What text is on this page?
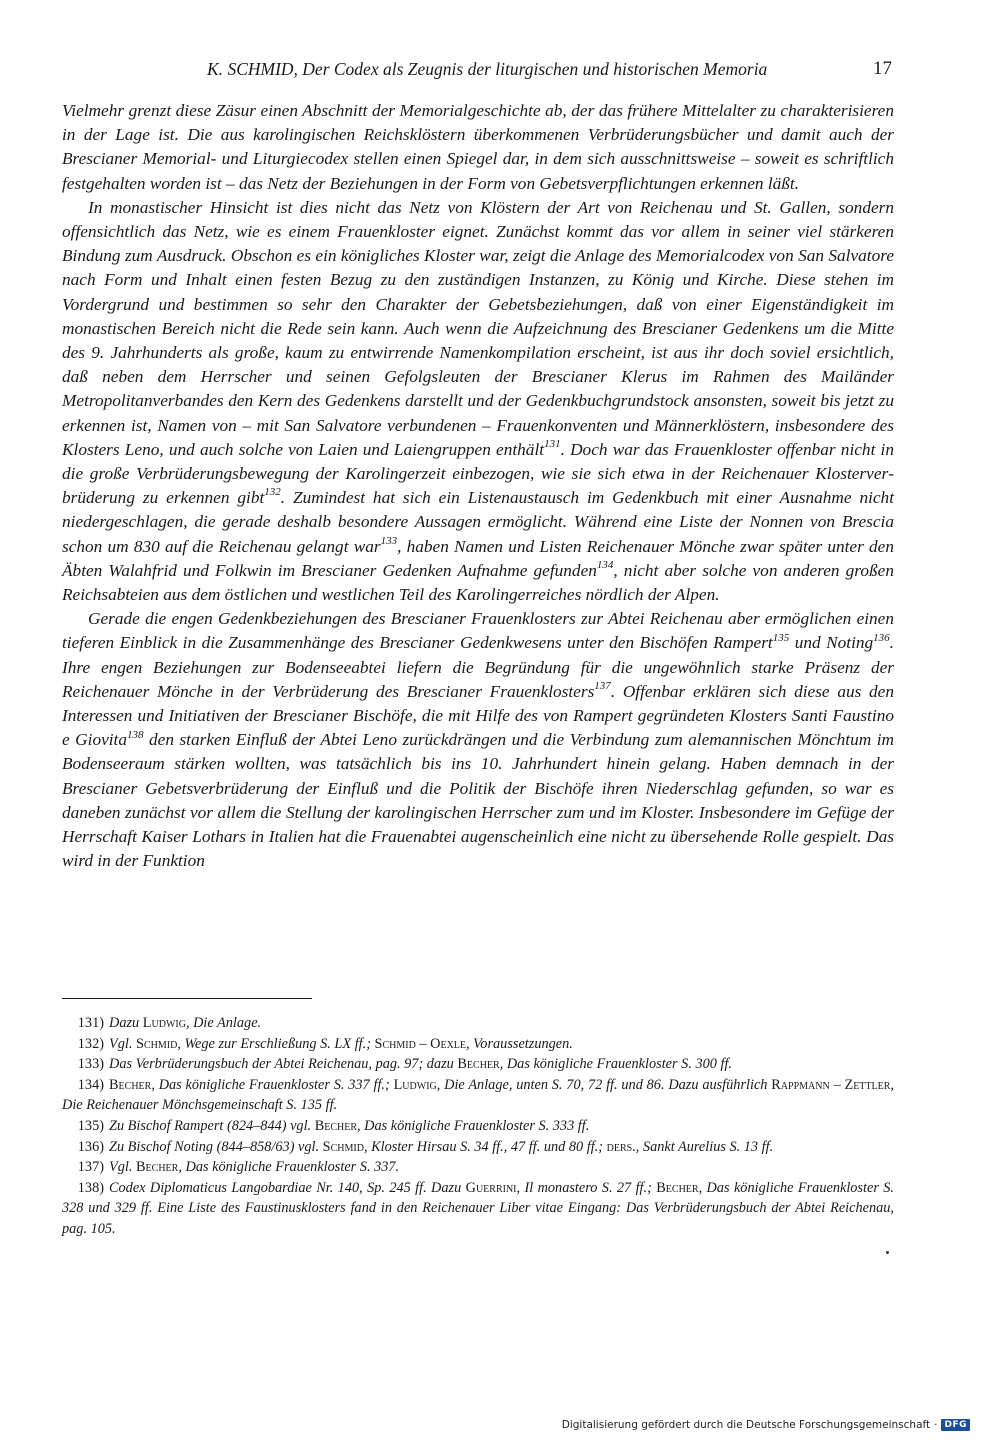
K. SCHMID, Der Codex als Zeugnis der liturgischen und historischen Memoria	17

Vielmehr grenzt diese Zäsur einen Abschnitt der Memorialgeschichte ab, der das frühere Mittelalter zu charakterisieren in der Lage ist. Die aus karolingischen Reichsklöstern überkommenen Verbrüderungsbücher und damit auch der Brescianer Memorial- und Liturgiecodex stellen einen Spiegel dar, in dem sich ausschnittsweise – soweit es schriftlich festgehalten worden ist – das Netz der Beziehungen in der Form von Gebetsverpflichtungen erkennen läßt.

In monastischer Hinsicht ist dies nicht das Netz von Klöstern der Art von Reichenau und St. Gallen, sondern offensichtlich das Netz, wie es einem Frauenkloster eignet. Zunächst kommt das vor allem in seiner viel stärkeren Bindung zum Ausdruck. Obschon es ein königliches Kloster war, zeigt die Anlage des Memorialcodex von San Salvatore nach Form und Inhalt einen festen Bezug zu den zuständigen Instanzen, zu König und Kirche. Diese stehen im Vordergrund und bestimmen so sehr den Charakter der Gebetsbeziehungen, daß von einer Eigenständigkeit im monastischen Bereich nicht die Rede sein kann. Auch wenn die Aufzeichnung des Brescianer Gedenkens um die Mitte des 9. Jahrhunderts als große, kaum zu entwirrende Namenkompilation erscheint, ist aus ihr doch soviel ersichtlich, daß neben dem Herrscher und seinen Gefolgsleuten der Brescianer Klerus im Rahmen des Mailänder Metropolitanverbandes den Kern des Gedenkens darstellt und der Gedenkbuchgrundstock ansonsten, soweit bis jetzt zu erkennen ist, Namen von – mit San Salvatore verbundenen – Frauenkonventen und Männerklöstern, insbesondere des Klosters Leno, und auch solche von Laien und Laiengruppen enthält$^{131}$. Doch war das Frauenkloster offenbar nicht in die große Verbrüderungsbewegung der Karolingerzeit einbezogen, wie sie sich etwa in der Reichenauer Klosterverbrüderung zu erkennen gibt$^{132}$. Zumindest hat sich ein Listenaustausch im Gedenkbuch mit einer Ausnahme nicht niedergeschlagen, die gerade deshalb besondere Aussagen ermöglicht. Während eine Liste der Nonnen von Brescia schon um 830 auf die Reichenau gelangt war$^{133}$, haben Namen und Listen Reichenauer Mönche zwar später unter den Äbten Walahfrid und Folkwin im Brescianer Gedenken Aufnahme gefunden$^{134}$, nicht aber solche von anderen großen Reichsabteien aus dem östlichen und westlichen Teil des Karolingerreiches nördlich der Alpen.

Gerade die engen Gedenkbeziehungen des Brescianer Frauenklosters zur Abtei Reichenau aber ermöglichen einen tieferen Einblick in die Zusammenhänge des Brescianer Gedenkwesens unter den Bischöfen Rampert$^{135}$ und Noting$^{136}$. Ihre engen Beziehungen zur Bodenseeabtei liefern die Begründung für die ungewöhnlich starke Präsenz der Reichenauer Mönche in der Verbrüderung des Brescianer Frauenklosters$^{137}$. Offenbar erklären sich diese aus den Interessen und Initiativen der Brescianer Bischöfe, die mit Hilfe des von Rampert gegründeten Klosters Santi Faustino e Giovita$^{138}$ den starken Einfluß der Abtei Leno zurückdrängen und die Verbindung zum alemannischen Mönchtum im Bodenseeraum stärken wollten, was tatsächlich bis ins 10. Jahrhundert hinein gelang. Haben demnach in der Brescianer Gebetsverbrüderung der Einfluß und die Politik der Bischöfe ihren Niederschlag gefunden, so war es daneben zunächst vor allem die Stellung der karolingischen Herrscher zum und im Kloster. Insbesondere im Gefüge der Herrschaft Kaiser Lothars in Italien hat die Frauenabtei augenscheinlich eine nicht zu übersehende Rolle gespielt. Das wird in der Funktion

131) Dazu Ludwig, Die Anlage.
132) Vgl. Schmid, Wege zur Erschließung S. LX ff.; Schmid – Oexle, Voraussetzungen.
133) Das Verbrüderungsbuch der Abtei Reichenau, pag. 97; dazu Becher, Das königliche Frauenkloster S. 300 ff.
134) Becher, Das königliche Frauenkloster S. 337 ff.; Ludwig, Die Anlage, unten S. 70, 72 ff. und 86. Dazu ausführlich Rappmann – Zettler, Die Reichenauer Mönchsgemeinschaft S. 135 ff.
135) Zu Bischof Rampert (824–844) vgl. Becher, Das königliche Frauenkloster S. 333 ff.
136) Zu Bischof Noting (844–858/63) vgl. Schmid, Kloster Hirsau S. 34 ff., 47 ff. und 80 ff.; ders., Sankt Aurelius S. 13 ff.
137) Vgl. Becher, Das königliche Frauenkloster S. 337.
138) Codex Diplomaticus Langobardiae Nr. 140, Sp. 245 ff. Dazu Guerrini, Il monastero S. 27 ff.; Becher, Das königliche Frauenkloster S. 328 und 329 ff. Eine Liste des Faustinusklosters fand in den Reichenauer Liber vitae Eingang: Das Verbrüderungsbuch der Abtei Reichenau, pag. 105.
Digitalisierung gefördert durch die Deutsche Forschungsgemeinschaft · DFG
